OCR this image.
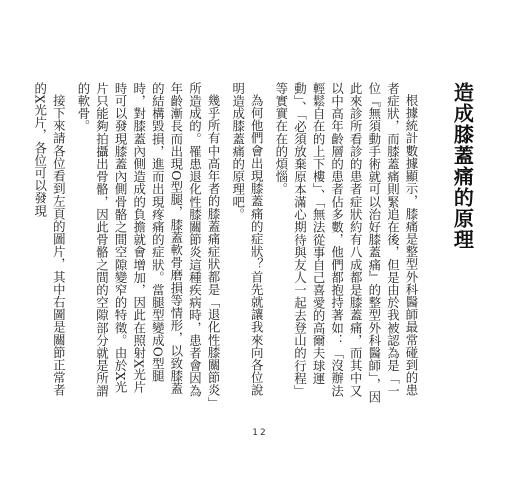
造成膝蓋痛的原理

根據統計數據顯示，膝痛是整型外科醫師最常碰到的患者症狀，而膝蓋痛則緊追在後，但是由於我被認為是「一位『無須動手術就可以治好膝蓋痛』的整型外科醫師」，因此來診所看診的患者症狀約有八成都是膝蓋痛，而其中又以中高年齡層的患者佔多數，他們都抱持著如：「沒辦法輕鬆自在的上下樓」、「無法從事自己喜愛的高爾夫球運動」、「必須放棄原本滿心期待與友人一起去登山的行程」等實實在在的煩惱。

為何他們會出現膝蓋痛的症狀？首先就讓我來向各位說明造成膝蓋痛的原理吧。

幾乎所有中高年者的膝蓋痛症狀都是「退化性膝關節炎」所造成的。罹患退化性膝關節炎這種疾病時，患者會因為年齡漸長而出現O型腿，膝蓋軟骨磨損等情形，以致膝蓋的結構毀損，進而出現疼痛的症狀。當腿型變成O型腿時，對膝蓋內側造成的負擔就會增加，因此在照射X光片時可以發現膝蓋內側骨骼之間空隙變窄的特徵。由於X光片只能夠拍攝出骨骼，因此骨骼之間的空隙部分就是所謂的軟骨。

接下來請各位看到左頁的圖片，其中右圖是關節正常者的X光片，各位可以發現

12
